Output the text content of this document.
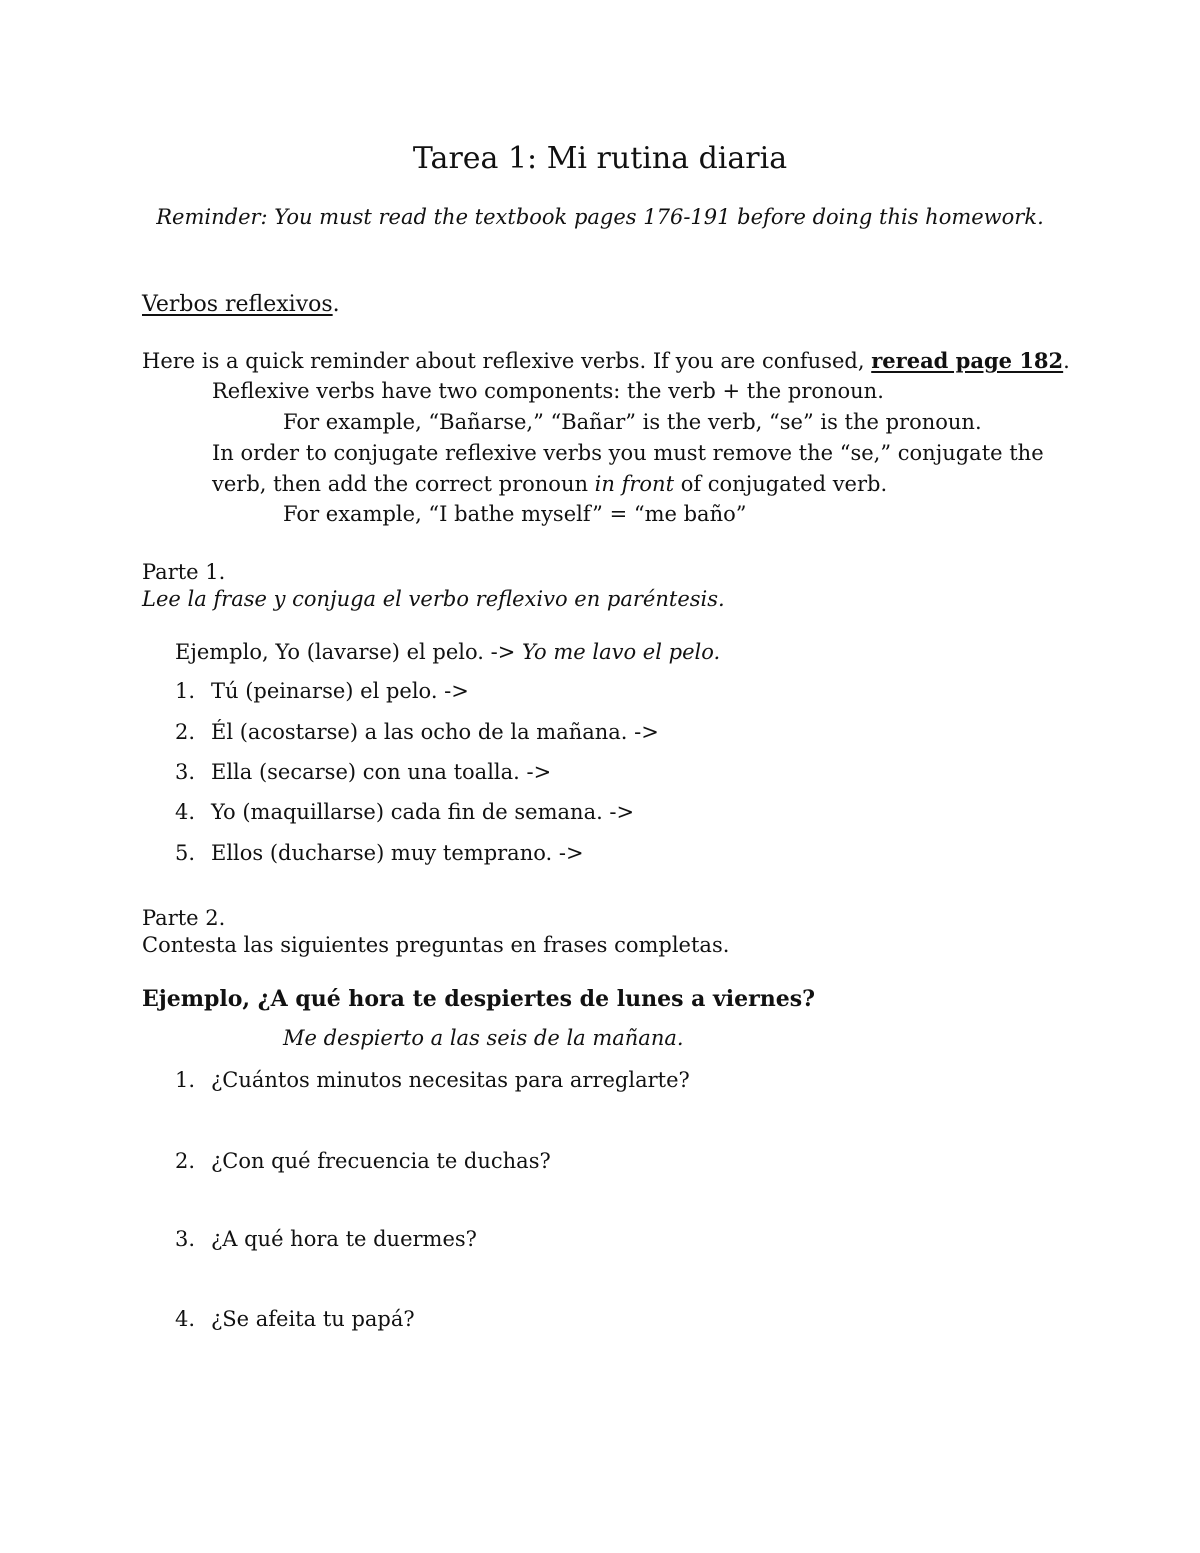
Tarea 1: Mi rutina diaria
Reminder: You must read the textbook pages 176-191 before doing this homework.
Verbos reflexivos.
Here is a quick reminder about reflexive verbs. If you are confused, reread page 182.
Reflexive verbs have two components: the verb + the pronoun.
For example, “Bañarse,” “Bañar” is the verb, “se” is the pronoun.
In order to conjugate reflexive verbs you must remove the “se,” conjugate the
verb, then add the correct pronoun in front of conjugated verb.
For example, “I bathe myself” = “me baño”
Parte 1.
Lee la frase y conjuga el verbo reflexivo en paréntesis.
Ejemplo, Yo (lavarse) el pelo. -> Yo me lavo el pelo.
1. Tú (peinarse) el pelo. ->
2. Él (acostarse) a las ocho de la mañana. ->
3. Ella (secarse) con una toalla. ->
4. Yo (maquillarse) cada fin de semana. ->
5. Ellos (ducharse) muy temprano. ->
Parte 2.
Contesta las siguientes preguntas en frases completas.
Ejemplo, ¿A qué hora te despiertes de lunes a viernes?
Me despierto a las seis de la mañana.
1. ¿Cuántos minutos necesitas para arreglarte?
2. ¿Con qué frecuencia te duchas?
3. ¿A qué hora te duermes?
4. ¿Se afeita tu papá?
